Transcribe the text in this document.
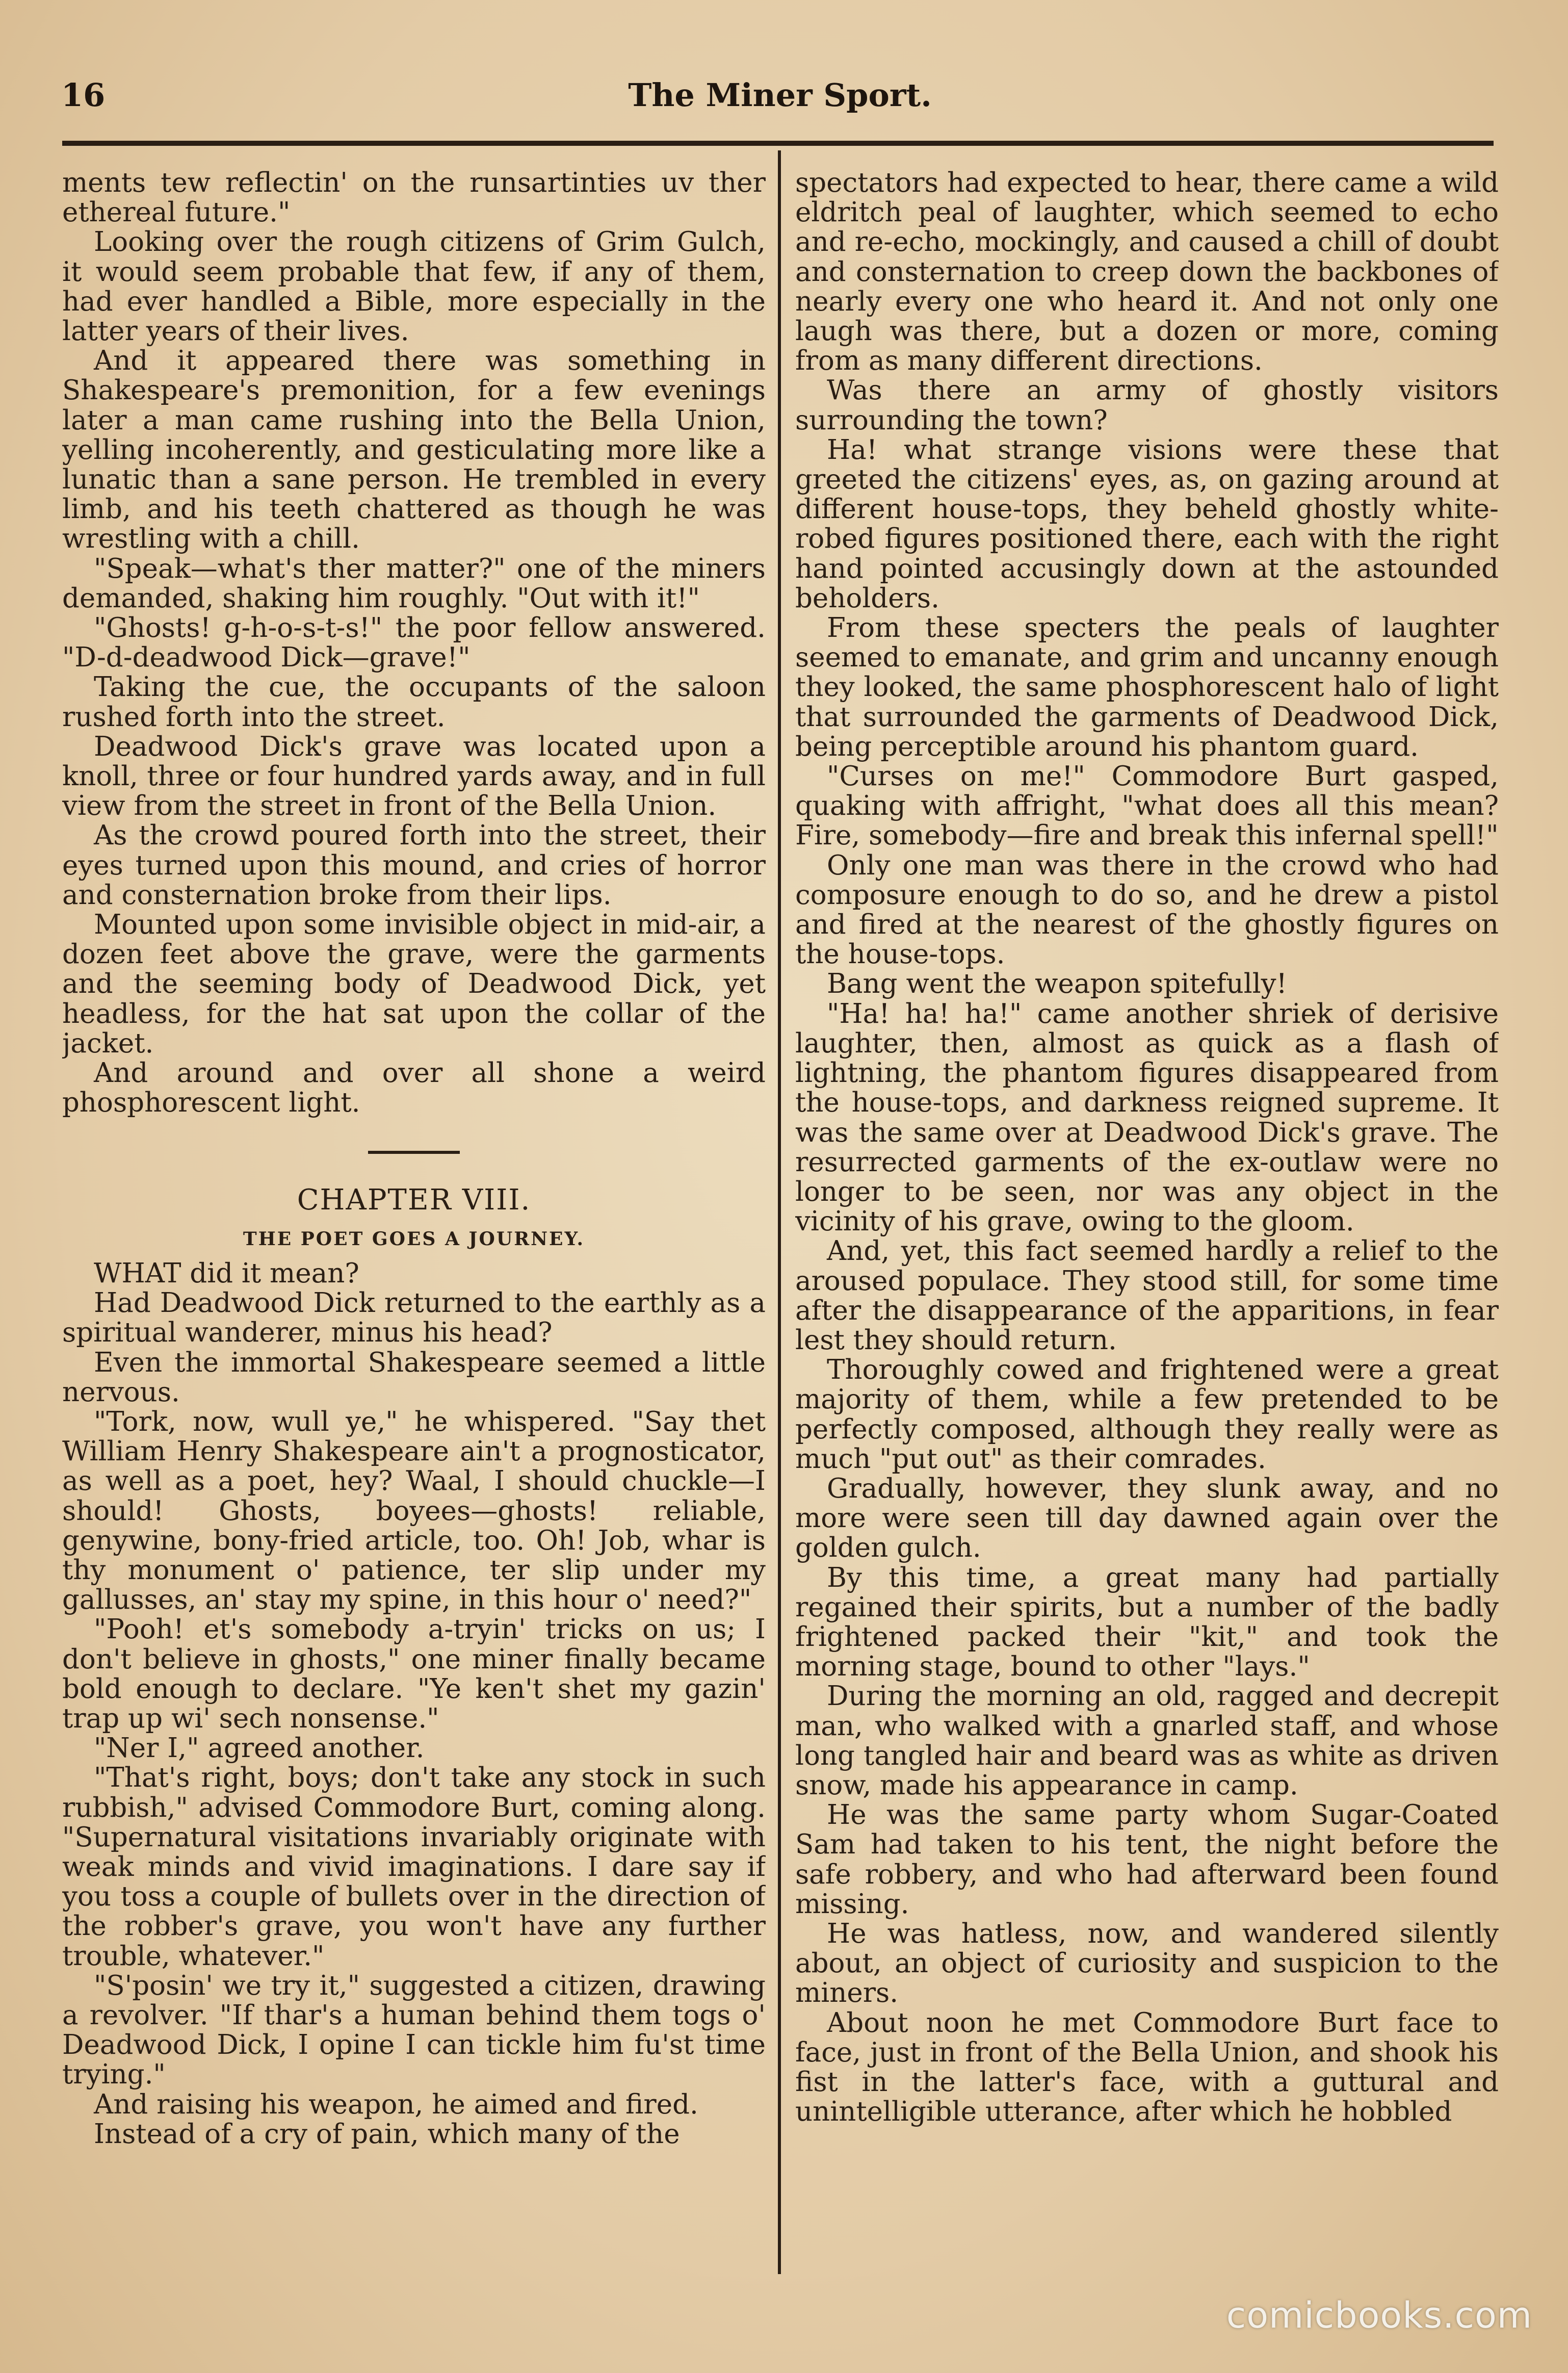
16	The Miner Sport.

ments tew reflectin' on the runsartinties uv ther ethereal future."

Looking over the rough citizens of Grim Gulch, it would seem probable that few, if any of them, had ever handled a Bible, more especially in the latter years of their lives.

And it appeared there was something in Shakespeare's premonition, for a few evenings later a man came rushing into the Bella Union, yelling incoherently, and gesticulating more like a lunatic than a sane person. He trembled in every limb, and his teeth chattered as though he was wrestling with a chill.

"Speak—what's ther matter?" one of the miners demanded, shaking him roughly. "Out with it!"

"Ghosts! g-h-o-s-t-s!" the poor fellow answered. "D-d-deadwood Dick—grave!"

Taking the cue, the occupants of the saloon rushed forth into the street.

Deadwood Dick's grave was located upon a knoll, three or four hundred yards away, and in full view from the street in front of the Bella Union.

As the crowd poured forth into the street, their eyes turned upon this mound, and cries of horror and consternation broke from their lips.

Mounted upon some invisible object in mid-air, a dozen feet above the grave, were the garments and the seeming body of Deadwood Dick, yet headless, for the hat sat upon the collar of the jacket.

And around and over all shone a weird phosphorescent light.

CHAPTER VIII.
THE POET GOES A JOURNEY.

WHAT did it mean?

Had Deadwood Dick returned to the earthly as a spiritual wanderer, minus his head?

Even the immortal Shakespeare seemed a little nervous.

"Tork, now, wull ye," he whispered. "Say thet William Henry Shakespeare ain't a prognosticator, as well as a poet, hey? Waal, I should chuckle—I should! Ghosts, boyees—ghosts! reliable, genywine, bony-fried article, too. Oh! Job, whar is thy monument o' patience, ter slip under my gallusses, an' stay my spine, in this hour o' need?"

"Pooh! et's somebody a-tryin' tricks on us; I don't believe in ghosts," one miner finally became bold enough to declare. "Ye ken't shet my gazin' trap up wi' sech nonsense."

"Ner I," agreed another.

"That's right, boys; don't take any stock in such rubbish," advised Commodore Burt, coming along. "Supernatural visitations invariably originate with weak minds and vivid imaginations. I dare say if you toss a couple of bullets over in the direction of the robber's grave, you won't have any further trouble, whatever."

"S'posin' we try it," suggested a citizen, drawing a revolver. "If thar's a human behind them togs o' Deadwood Dick, I opine I can tickle him fu'st time trying."

And raising his weapon, he aimed and fired.

Instead of a cry of pain, which many of the

spectators had expected to hear, there came a wild eldritch peal of laughter, which seemed to echo and re-echo, mockingly, and caused a chill of doubt and consternation to creep down the backbones of nearly every one who heard it. And not only one laugh was there, but a dozen or more, coming from as many different directions.

Was there an army of ghostly visitors surrounding the town?

Ha! what strange visions were these that greeted the citizens' eyes, as, on gazing around at different house-tops, they beheld ghostly white-robed figures positioned there, each with the right hand pointed accusingly down at the astounded beholders.

From these specters the peals of laughter seemed to emanate, and grim and uncanny enough they looked, the same phosphorescent halo of light that surrounded the garments of Deadwood Dick, being perceptible around his phantom guard.

"Curses on me!" Commodore Burt gasped, quaking with affright, "what does all this mean? Fire, somebody—fire and break this infernal spell!"

Only one man was there in the crowd who had composure enough to do so, and he drew a pistol and fired at the nearest of the ghostly figures on the house-tops.

Bang went the weapon spitefully!

"Ha! ha! ha!" came another shriek of derisive laughter, then, almost as quick as a flash of lightning, the phantom figures disappeared from the house-tops, and darkness reigned supreme. It was the same over at Deadwood Dick's grave. The resurrected garments of the ex-outlaw were no longer to be seen, nor was any object in the vicinity of his grave, owing to the gloom.

And, yet, this fact seemed hardly a relief to the aroused populace. They stood still, for some time after the disappearance of the apparitions, in fear lest they should return.

Thoroughly cowed and frightened were a great majority of them, while a few pretended to be perfectly composed, although they really were as much "put out" as their comrades.

Gradually, however, they slunk away, and no more were seen till day dawned again over the golden gulch.

By this time, a great many had partially regained their spirits, but a number of the badly frightened packed their "kit," and took the morning stage, bound to other "lays."

During the morning an old, ragged and decrepit man, who walked with a gnarled staff, and whose long tangled hair and beard was as white as driven snow, made his appearance in camp.

He was the same party whom Sugar-Coated Sam had taken to his tent, the night before the safe robbery, and who had afterward been found missing.

He was hatless, now, and wandered silently about, an object of curiosity and suspicion to the miners.

About noon he met Commodore Burt face to face, just in front of the Bella Union, and shook his fist in the latter's face, with a guttural and unintelligible utterance, after which he hobbled

comicbooks.com
